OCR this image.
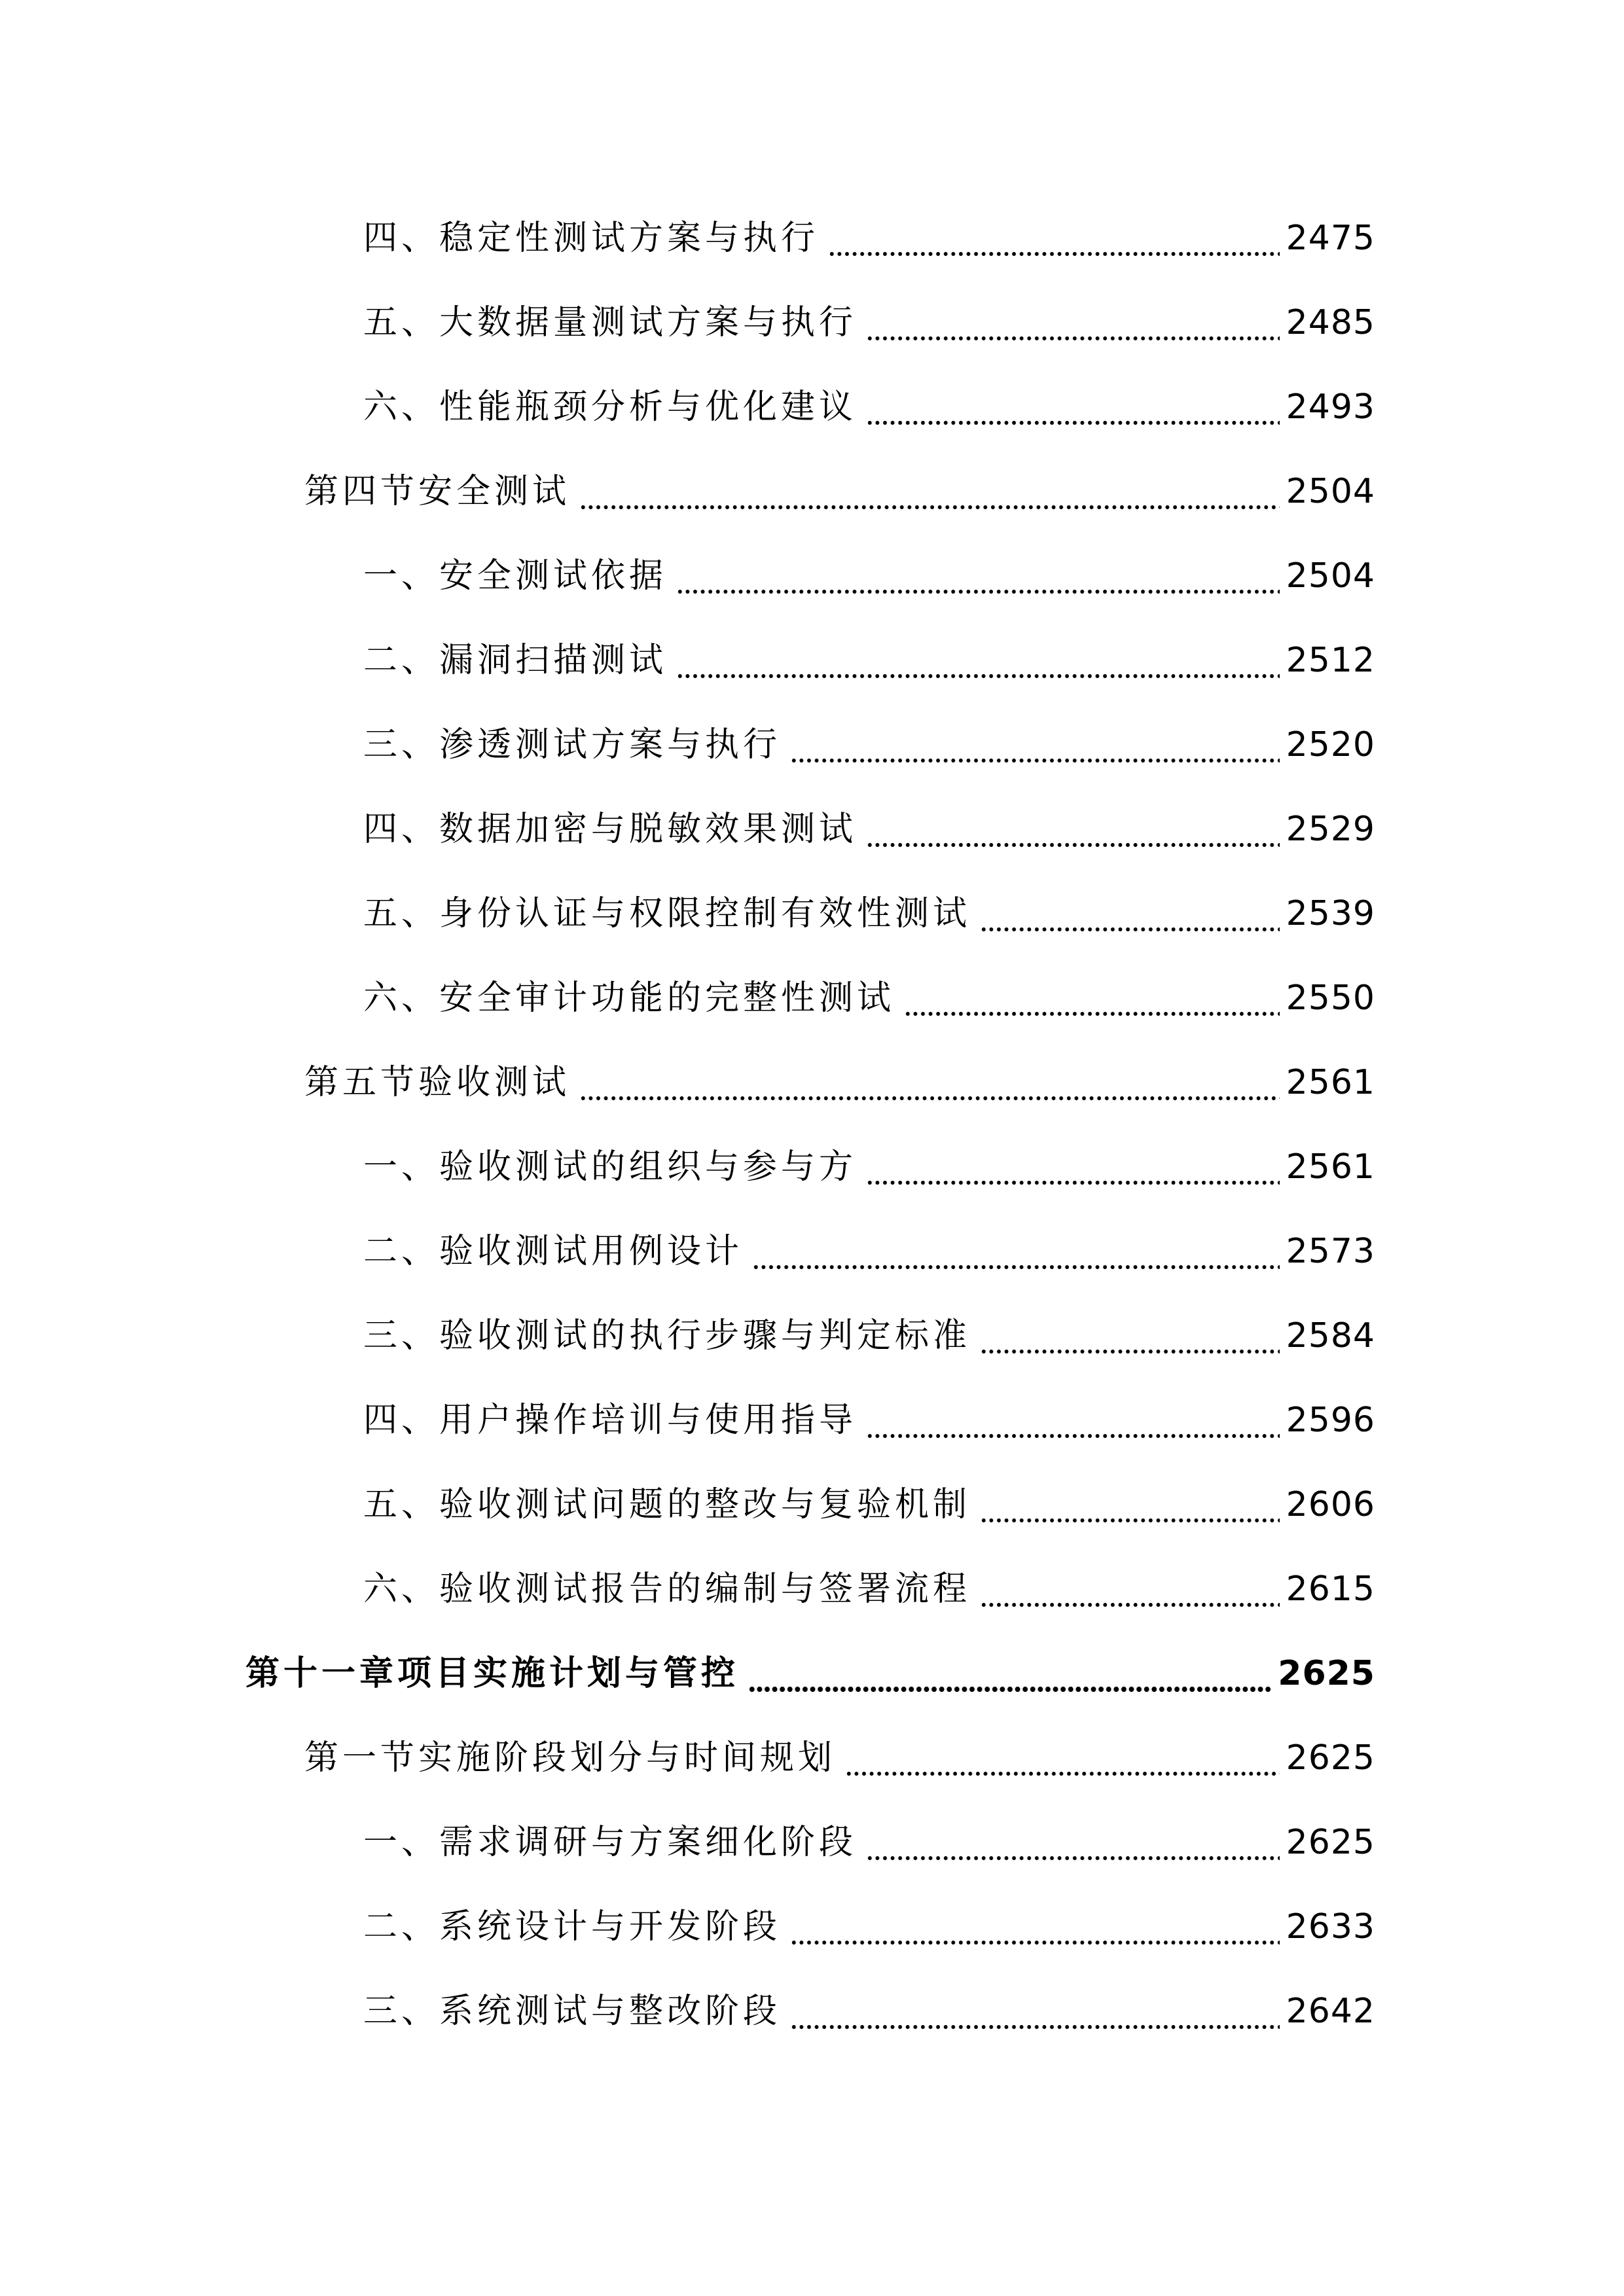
四、稳定性测试方案与执行	2475
五、大数据量测试方案与执行	2485
六、性能瓶颈分析与优化建议	2493
第四节安全测试	2504
一、安全测试依据	2504
二、漏洞扫描测试	2512
三、渗透测试方案与执行	2520
四、数据加密与脱敏效果测试	2529
五、身份认证与权限控制有效性测试	2539
六、安全审计功能的完整性测试	2550
第五节验收测试	2561
一、验收测试的组织与参与方	2561
二、验收测试用例设计	2573
三、验收测试的执行步骤与判定标准	2584
四、用户操作培训与使用指导	2596
五、验收测试问题的整改与复验机制	2606
六、验收测试报告的编制与签署流程	2615
第十一章项目实施计划与管控	2625
第一节实施阶段划分与时间规划	2625
一、需求调研与方案细化阶段	2625
二、系统设计与开发阶段	2633
三、系统测试与整改阶段	2642
